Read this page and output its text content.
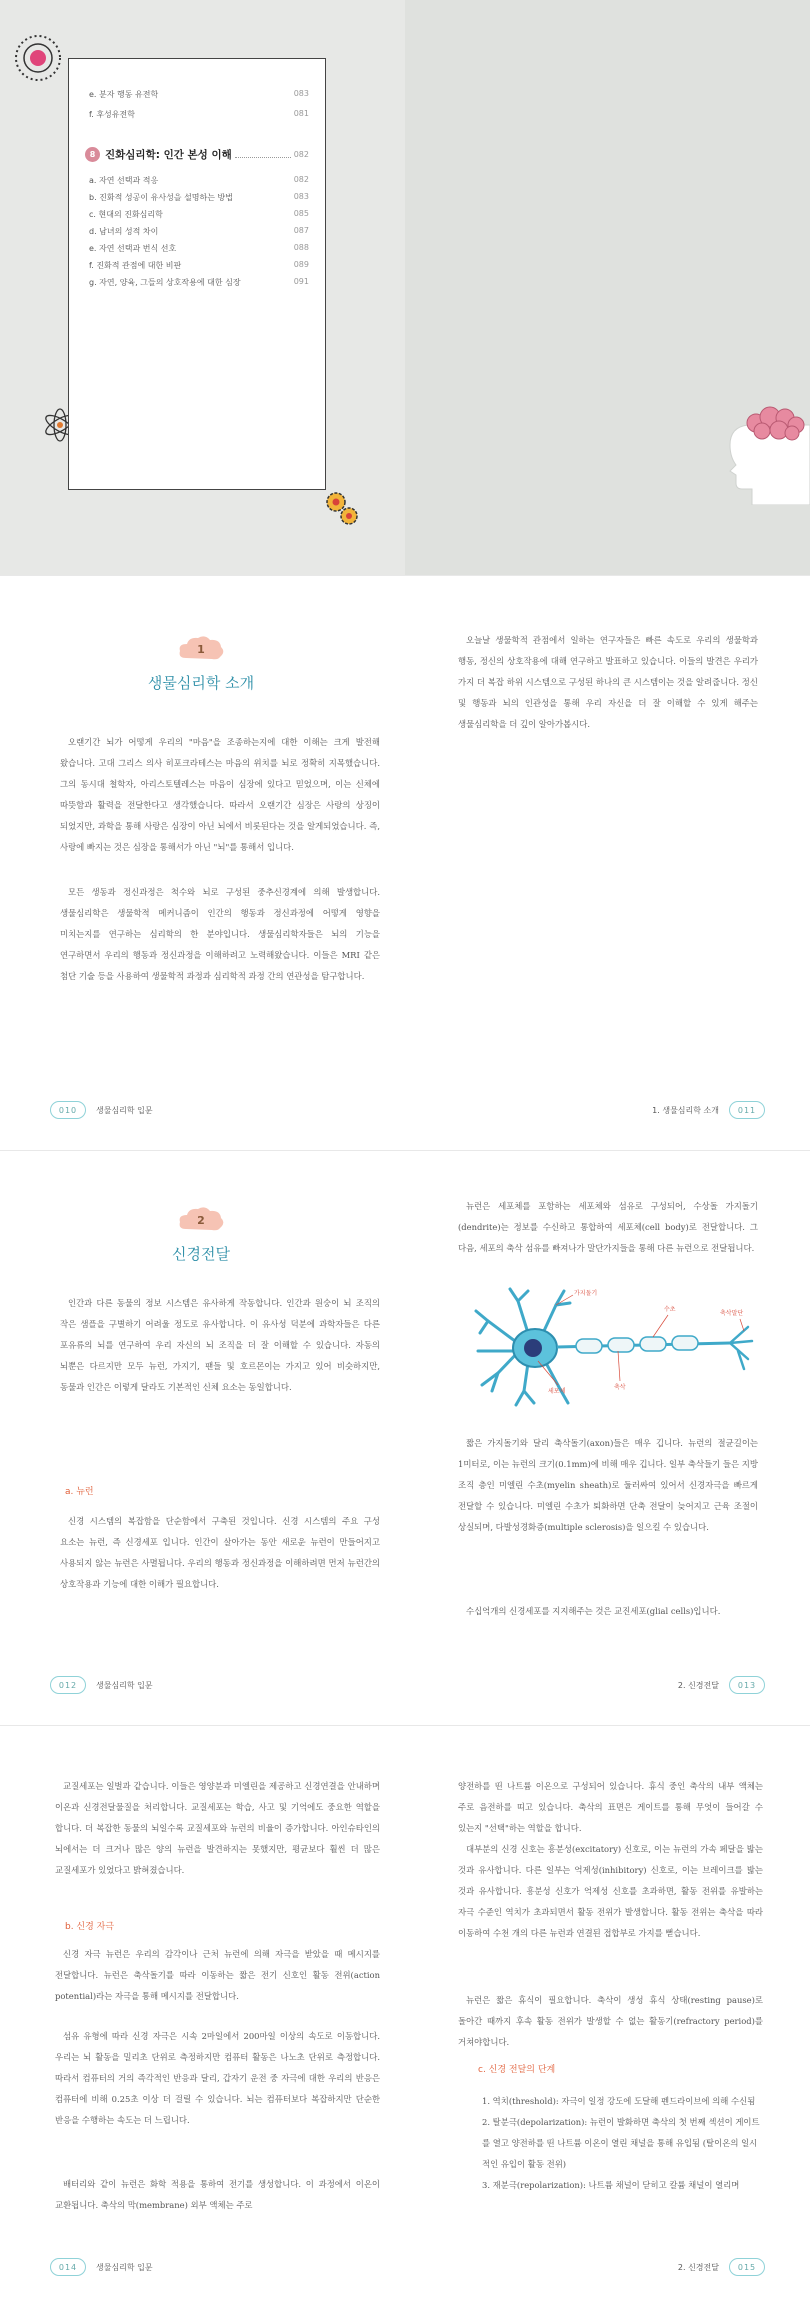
e. 분자 행동 유전학	083
f. 후성유전학	081
8 진화심리학: 인간 본성 이해	082
a. 자연 선택과 적응	082
b. 진화적 성공이 유사성을 설명하는 방법	083
c. 현대의 진화심리학	085
d. 남녀의 성적 차이	087
e. 자연 선택과 번식 선호	088
f. 진화적 관점에 대한 비판	089
g. 자연, 양육, 그들의 상호작용에 대한 심장	091
1
생물심리학 소개
오랜기간 뇌가 어떻게 우리의 "마음"을 조종하는지에 대한 이해는 크게 발전해 왔습니다. 고대 그리스 의사 히포크라테스는 마음의 위치를 뇌로 정확히 지목했습니다. 그의 동시대 철학자, 아리스토텔레스는 마음이 심장에 있다고 믿었으며, 이는 신체에 따뜻함과 활력을 전달한다고 생각했습니다. 따라서 오랜기간 심장은 사랑의 상징이 되었지만, 과학을 통해 사랑은 심장이 아닌 뇌에서 비롯된다는 것을 알게되었습니다. 즉, 사랑에 빠지는 것은 심장을 통해서가 아닌 "뇌"를 통해서 입니다.
모든 생동과 정신과정은 척수와 뇌로 구성된 중추신경계에 의해 발생합니다. 생물심리학은 생물학적 메커니즘이 인간의 행동과 정신과정에 어떻게 영향을 미치는지를 연구하는 심리학의 한 분야입니다. 생물심리학자들은 뇌의 기능을 연구하면서 우리의 행동과 정신과정을 이해하려고 노력해왔습니다. 이들은 MRI 같은 첨단 기술 등을 사용하여 생물학적 과정과 심리학적 과정 간의 연관성을 탐구합니다.
010	생물심리학 입문
오늘날 생물학적 관점에서 일하는 연구자들은 빠른 속도로 우리의 생물학과 행동, 정신의 상호작용에 대해 연구하고 발표하고 있습니다. 이들의 발견은 우리가 가지 더 복잡 하위 시스템으로 구성된 하나의 큰 시스템이는 것을 알려줍니다. 정신 및 행동과 뇌의 인관성을 통해 우리 자신을 더 잘 이해할 수 있게 해주는 생물심리학을 더 깊이 알아가봅시다.
1. 생물심리학 소개	011
2
신경전달
인간과 다른 동물의 정보 시스템은 유사하게 작동합니다. 인간과 원숭이 뇌 조직의 작은 샘플을 구별하기 어려울 정도로 유사합니다. 이 유사성 덕분에 과학자들은 다른 포유류의 뇌를 연구하여 우리 자신의 뇌 조직을 더 잘 이해할 수 있습니다. 자동의 뇌뿐은 다르지만 모두 뉴런, 가지기, 팬들 및 호르몬이는 가지고 있어 비슷하지만, 동물과 인간은 이렇게 달라도 기본적인 신체 요소는 동일합니다.
a. 뉴런
신경 시스템의 복잡함을 단순함에서 구축된 것입니다. 신경 시스템의 주요 구성 요소는 뉴런, 즉 신경세포 입니다. 인간이 살아가는 동안 새로운 뉴런이 만들어지고 사용되지 않는 뉴런은 사멸됩니다. 우리의 행동과 정신과정을 이해하려면 먼저 뉴런간의 상호작용과 기능에 대한 이해가 필요합니다.
012	생물심리학 입문
뉴런은 세포체를 포함하는 세포체와 섬유로 구성되어, 수상돌 가지돌기(dendrite)는 정보를 수신하고 통합하여 세포체(cell body)로 전달합니다. 그 다음, 세포의 축삭 섬유를 빠져나가 말단가지들을 통해 다른 뉴런으로 전달됩니다.
가지돌기
세포체
축삭
수초
축삭말단
짧은 가지돌기와 달리 축삭돌기(axon)들은 매우 깁니다. 뉴런의 절균길이는 1미터로, 이는 뉴런의 크기(0.1mm)에 비해 매우 깁니다. 일부 축삭들기 들은 지방 조직 층인 미엘린 수초(myelin sheath)로 둘러싸여 있어서 신경자극을 빠르게 전달할 수 있습니다. 미엘린 수초가 퇴화하면 단축 전달이 늦어지고 근육 조절이 상실되며, 다발성경화증(multiple sclerosis)을 일으킬 수 있습니다.
수십억개의 신경세포를 지지해주는 것은 교진세포(glial cells)입니다.
2. 신경전달	013
교질세포는 일벌과 같습니다. 이들은 영양분과 미엘린을 제공하고 신경연결을 안내하며 이온과 신경전달물질을 처리합니다. 교질세포는 학습, 사고 및 기억에도 중요한 역할을 합니다. 더 복잡한 동물의 뇌일수록 교질세포와 뉴런의 비율이 증가합니다. 아인슈타인의 뇌에서는 더 크거나 많은 양의 뉴런을 발견하지는 못했지만, 평균보다 훨씬 더 많은 교질세포가 있었다고 밝혀졌습니다.
b. 신경 자극
신경 자극 뉴런은 우리의 감각이나 근처 뉴런에 의해 자극을 받았을 때 메시지를 전달합니다. 뉴런은 축삭돌기를 따라 이동하는 짧은 전기 신호인 활동 전위(action potential)라는 자극을 통해 메시지를 전달합니다.
섬유 유형에 따라 신경 자극은 시속 2마일에서 200마일 이상의 속도로 이동합니다. 우리는 뇌 활동을 밀리초 단위로 측정하지만 컴퓨터 활동은 나노초 단위로 측정합니다. 따라서 컴퓨터의 거의 즉각적인 반응과 달리, 갑자기 운전 중 자극에 대한 우리의 반응은 컴퓨터에 비해 0.25초 이상 더 걸릴 수 있습니다. 뇌는 컴퓨터보다 복잡하지만 단순한 반응을 수행하는 속도는 더 느립니다.
배터리와 같이 뉴런은 화학 적용을 통하여 전기를 생성합니다. 이 과정에서 이온이 교환됩니다. 축삭의 막(membrane) 외부 액체는 주로
014	생물심리학 입문
양전하를 띤 나트륨 이온으로 구성되어 있습니다. 휴식 중인 축삭의 내부 액체는 주로 음전하를 띠고 있습니다. 축삭의 표면은 게이트를 통해 무엇이 들어갈 수 있는지 "선택"하는 역할을 합니다.
대부분의 신경 신호는 흥분성(excitatory) 신호로, 이는 뉴런의 가속 페달을 밟는 것과 유사합니다. 다른 일부는 억제성(inhibitory) 신호로, 이는 브레이크를 밟는 것과 유사합니다. 흥분성 신호가 억제성 신호를 초과하면, 활동 전위를 유발하는 자극 수준인 역치가 초과되면서 활동 전위가 발생합니다. 활동 전위는 축삭을 따라 이동하여 수천 개의 다른 뉴런과 연결된 접합부로 가지를 뻗습니다.
뉴런은 짧은 휴식이 필요합니다. 축삭이 생성 휴식 상태(resting pause)로 돌아간 때까지 후속 활동 전위가 발생할 수 없는 활동기(refractory period)를 거쳐야합니다.
c. 신경 전달의 단계
1. 역치(threshold): 자극이 일정 강도에 도달해 펜드라이브에 의해 수신됨
2. 탈분극(depolarization): 뉴런이 발화하면 축삭의 첫 번째 섹션이 게이트를 열고 양전하를 띤 나트륨 이온이 열린 채널을 통해 유입됨 (탈이온의 일시적인 유입이 활동 전위)
3. 재분극(repolarization): 나트륨 채널이 닫히고 칼륨 채널이 열리며
2. 신경전달	015
